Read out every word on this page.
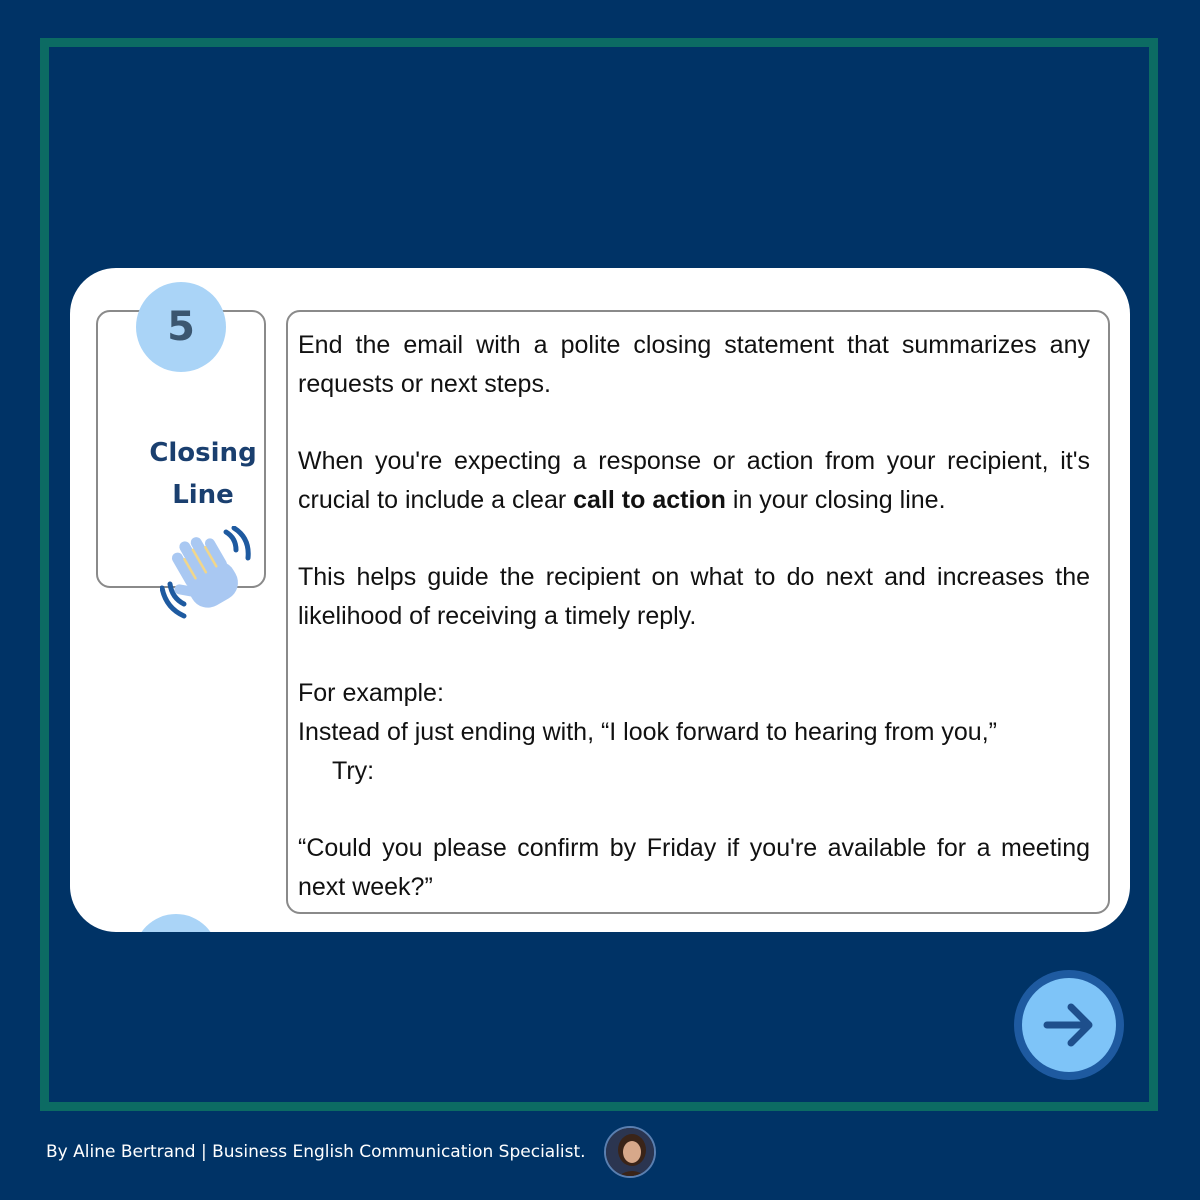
Closing Line
5	End the email with a polite closing statement that summarizes any requests or next steps.

When you're expecting a response or action from your recipient, it's crucial to include a clear call to action in your closing line.

This helps guide the recipient on what to do next and increases the likelihood of receiving a timely reply.

For example:

Instead of just ending with, “I look forward to hearing from you,”

Try:

“Could you please confirm by Friday if you're available for a meeting next week?”

By Aline Bertrand | Business English Communication Specialist.
